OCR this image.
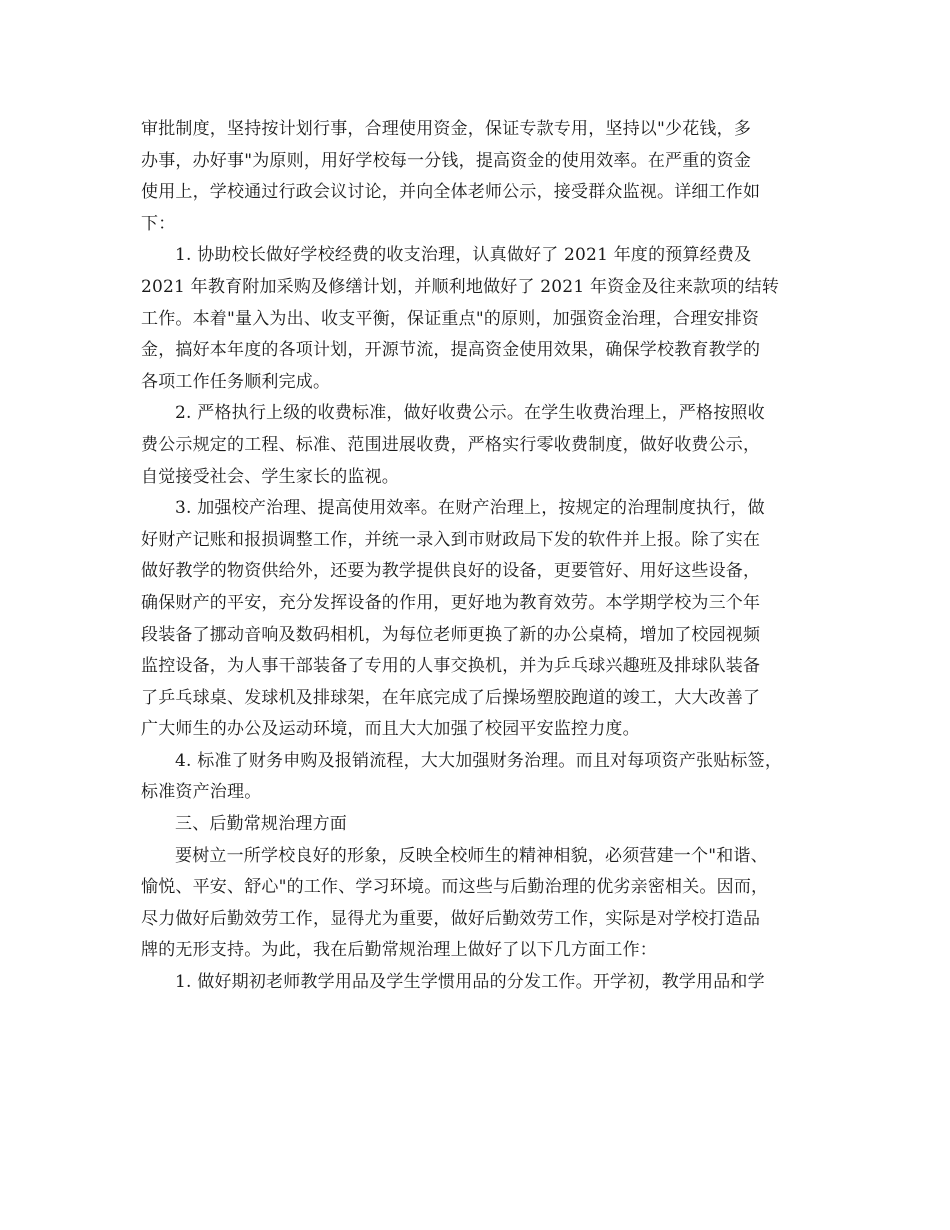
审批制度，坚持按计划行事，合理使用资金，保证专款专用，坚持以"少花钱，多

办事，办好事"为原则，用好学校每一分钱，提高资金的使用效率。在严重的资金

使用上，学校通过行政会议讨论，并向全体老师公示，接受群众监视。详细工作如

下：

1. 协助校长做好学校经费的收支治理，认真做好了 2021 年度的预算经费及

2021 年教育附加采购及修缮计划，并顺利地做好了 2021 年资金及往来款项的结转

工作。本着"量入为出、收支平衡，保证重点"的原则，加强资金治理，合理安排资

金，搞好本年度的各项计划，开源节流，提高资金使用效果，确保学校教育教学的

各项工作任务顺利完成。

2. 严格执行上级的收费标准，做好收费公示。在学生收费治理上，严格按照收

费公示规定的工程、标准、范围进展收费，严格实行零收费制度，做好收费公示，

自觉接受社会、学生家长的监视。

3. 加强校产治理、提高使用效率。在财产治理上，按规定的治理制度执行，做

好财产记账和报损调整工作，并统一录入到市财政局下发的软件并上报。除了实在

做好教学的物资供给外，还要为教学提供良好的设备，更要管好、用好这些设备，

确保财产的平安，充分发挥设备的作用，更好地为教育效劳。本学期学校为三个年

段装备了挪动音响及数码相机，为每位老师更换了新的办公桌椅，增加了校园视频

监控设备，为人事干部装备了专用的人事交换机，并为乒乓球兴趣班及排球队装备

了乒乓球桌、发球机及排球架，在年底完成了后操场塑胶跑道的竣工，大大改善了

广大师生的办公及运动环境，而且大大加强了校园平安监控力度。

4. 标准了财务申购及报销流程，大大加强财务治理。而且对每项资产张贴标签，

标准资产治理。

三、后勤常规治理方面

要树立一所学校良好的形象，反映全校师生的精神相貌，必须营建一个"和谐、

愉悦、平安、舒心"的工作、学习环境。而这些与后勤治理的优劣亲密相关。因而，

尽力做好后勤效劳工作，显得尤为重要，做好后勤效劳工作，实际是对学校打造品

牌的无形支持。为此，我在后勤常规治理上做好了以下几方面工作：

1. 做好期初老师教学用品及学生学惯用品的分发工作。开学初，教学用品和学
